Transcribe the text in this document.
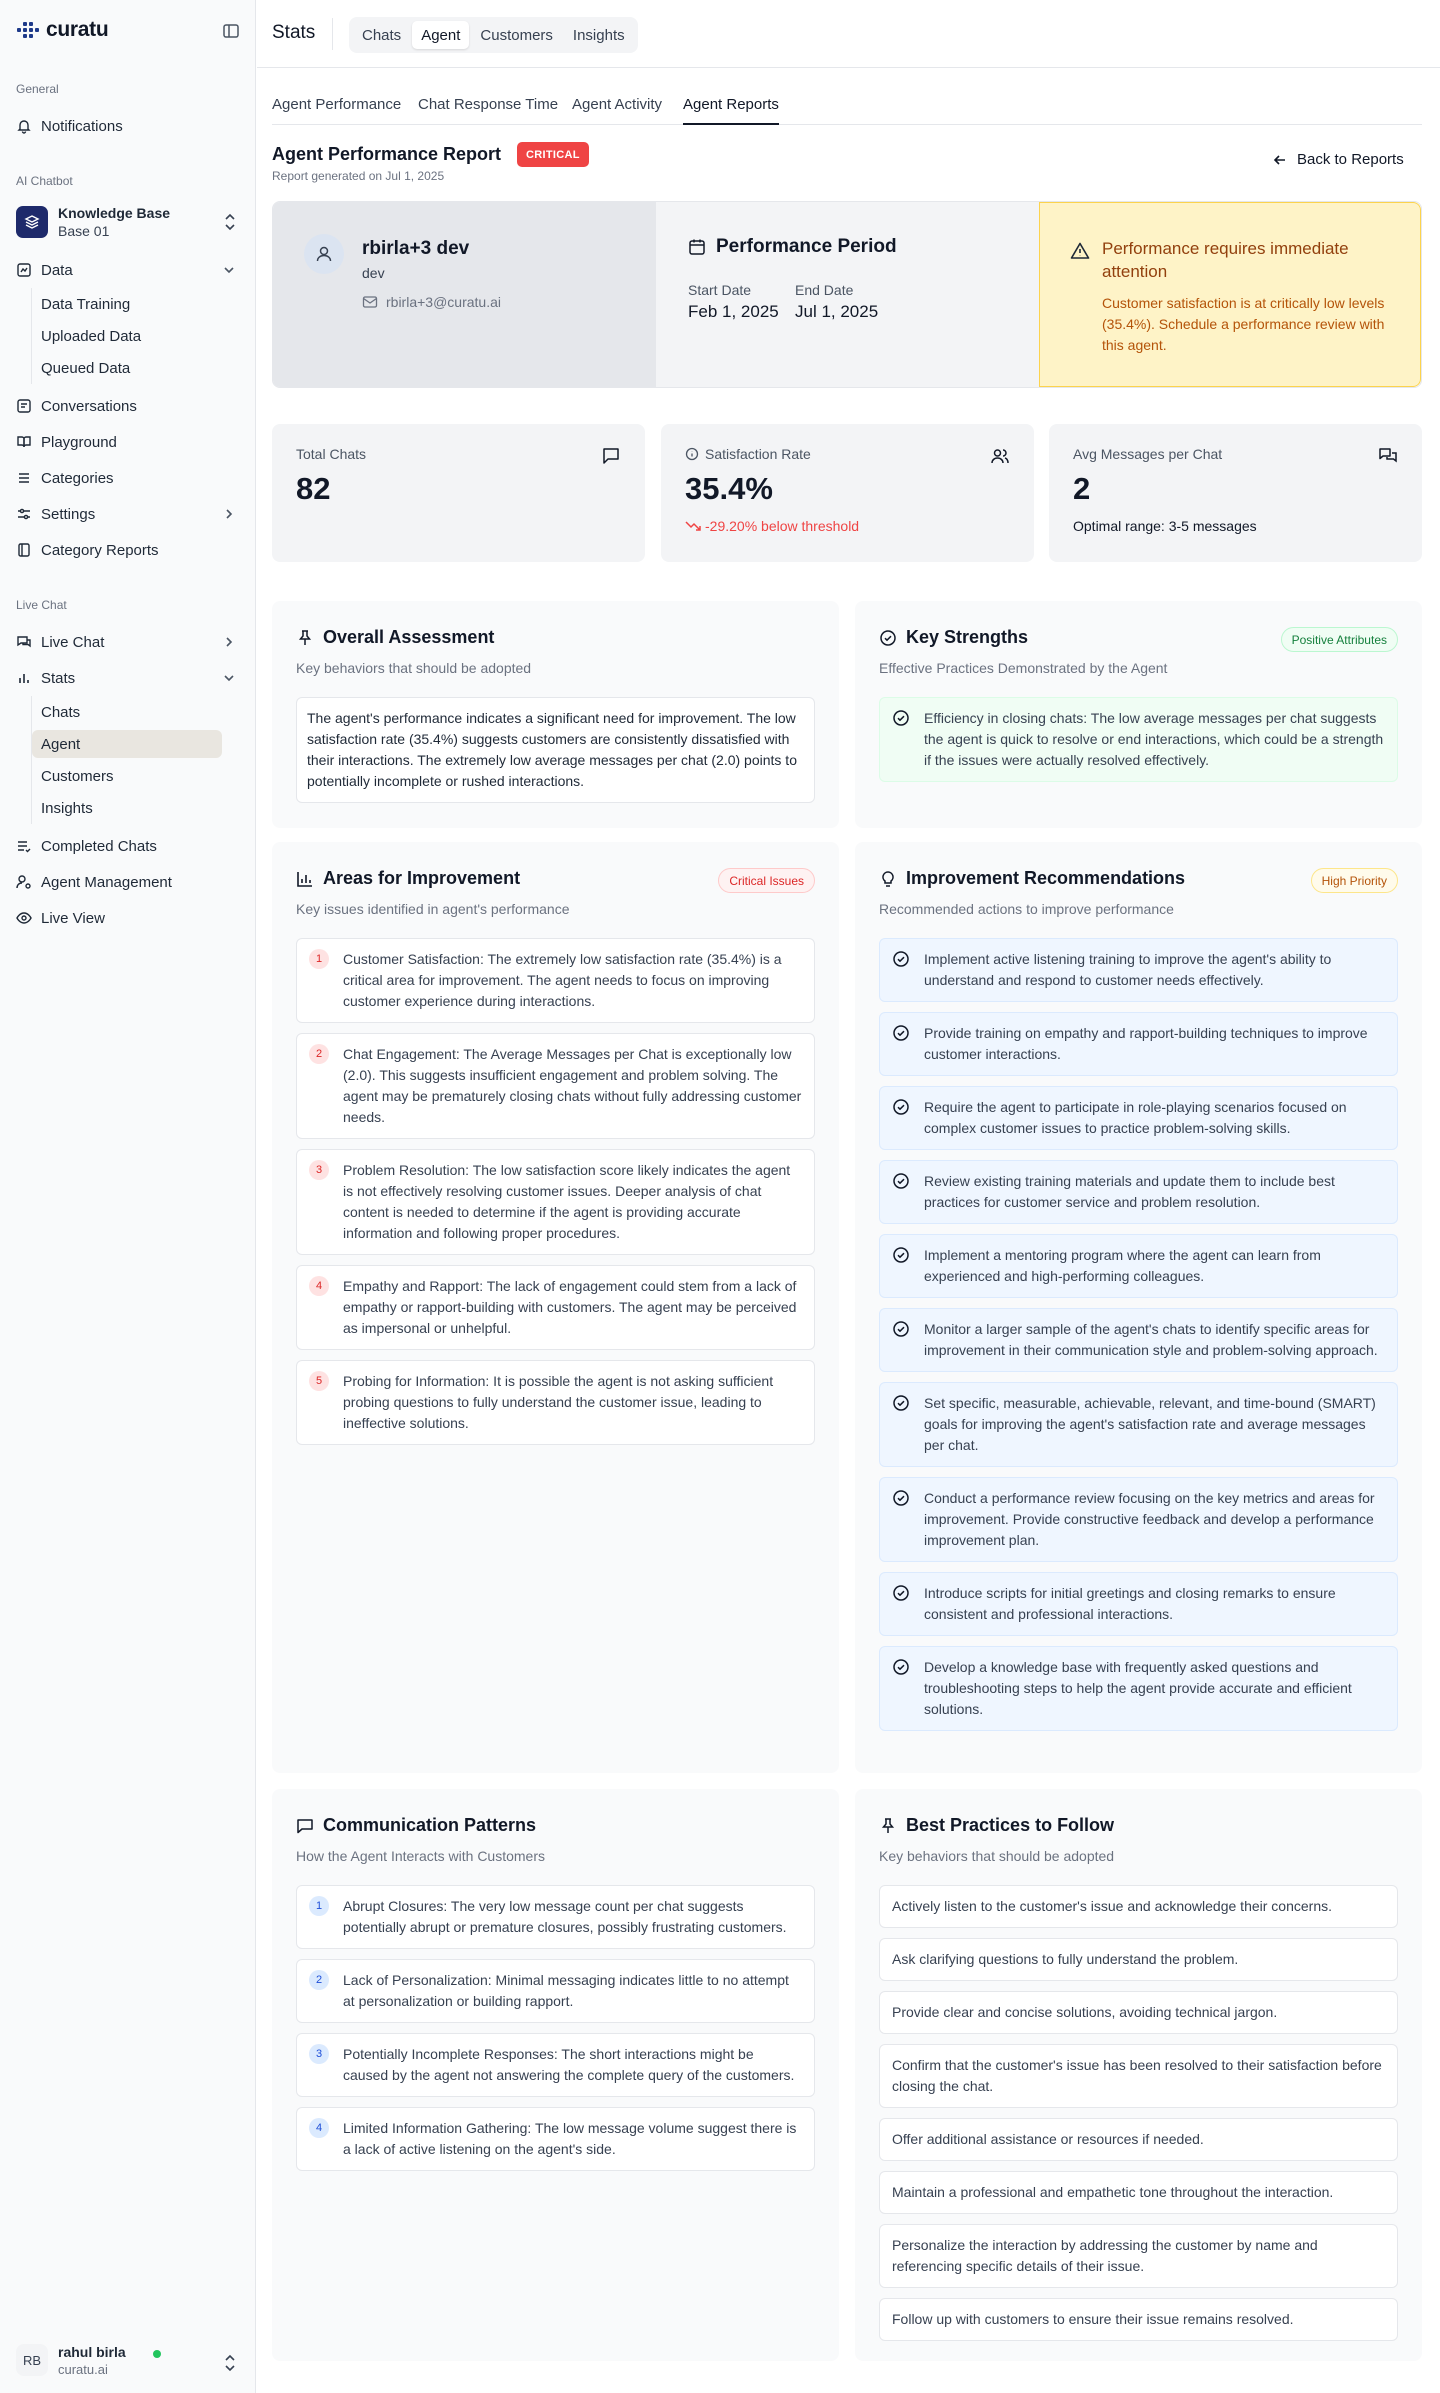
curatu
General
Notifications
AI Chatbot
Knowledge Base
Base 01
Data
Data Training
Uploaded Data
Queued Data
Conversations
Playground
Categories
Settings
Category Reports
Live Chat
Live Chat
Stats
Chats
Agent
Customers
Insights
Completed Chats
Agent Management
Live View
RB
rahul birla
curatu.ai
Stats	Chats	Agent	Customers	Insights
Agent Performance Chat Response Time Agent Activity Agent Reports
Agent Performance Report	CRITICAL
Report generated on Jul 1, 2025
Back to Reports
rbirla+3 dev
dev
rbirla+3@curatu.ai
Performance Period
Start Date
Feb 1, 2025
End Date
Jul 1, 2025
Performance requires immediate attention
Customer satisfaction is at critically low levels (35.4%). Schedule a performance review with this agent.
Total Chats
82
Satisfaction Rate
35.4%
-29.20% below threshold
Avg Messages per Chat
2
Optimal range: 3-5 messages
Overall Assessment
Key behaviors that should be adopted
The agent's performance indicates a significant need for improvement. The low satisfaction rate (35.4%) suggests customers are consistently dissatisfied with their interactions. The extremely low average messages per chat (2.0) points to potentially incomplete or rushed interactions.
Key Strengths	Positive Attributes
Effective Practices Demonstrated by the Agent
Efficiency in closing chats: The low average messages per chat suggests the agent is quick to resolve or end interactions, which could be a strength if the issues were actually resolved effectively.
Areas for Improvement	Critical Issues
Key issues identified in agent's performance
1	Customer Satisfaction: The extremely low satisfaction rate (35.4%) is a critical area for improvement. The agent needs to focus on improving customer experience during interactions.
2	Chat Engagement: The Average Messages per Chat is exceptionally low (2.0). This suggests insufficient engagement and problem solving. The agent may be prematurely closing chats without fully addressing customer needs.
3	Problem Resolution: The low satisfaction score likely indicates the agent is not effectively resolving customer issues. Deeper analysis of chat content is needed to determine if the agent is providing accurate information and following proper procedures.
4	Empathy and Rapport: The lack of engagement could stem from a lack of empathy or rapport-building with customers. The agent may be perceived as impersonal or unhelpful.
5	Probing for Information: It is possible the agent is not asking sufficient probing questions to fully understand the customer issue, leading to ineffective solutions.
Improvement Recommendations	High Priority
Recommended actions to improve performance
Implement active listening training to improve the agent's ability to understand and respond to customer needs effectively.
Provide training on empathy and rapport-building techniques to improve customer interactions.
Require the agent to participate in role-playing scenarios focused on complex customer issues to practice problem-solving skills.
Review existing training materials and update them to include best practices for customer service and problem resolution.
Implement a mentoring program where the agent can learn from experienced and high-performing colleagues.
Monitor a larger sample of the agent's chats to identify specific areas for improvement in their communication style and problem-solving approach.
Set specific, measurable, achievable, relevant, and time-bound (SMART) goals for improving the agent's satisfaction rate and average messages per chat.
Conduct a performance review focusing on the key metrics and areas for improvement. Provide constructive feedback and develop a performance improvement plan.
Introduce scripts for initial greetings and closing remarks to ensure consistent and professional interactions.
Develop a knowledge base with frequently asked questions and troubleshooting steps to help the agent provide accurate and efficient solutions.
Communication Patterns
How the Agent Interacts with Customers
1	Abrupt Closures: The very low message count per chat suggests potentially abrupt or premature closures, possibly frustrating customers.
2	Lack of Personalization: Minimal messaging indicates little to no attempt at personalization or building rapport.
3	Potentially Incomplete Responses: The short interactions might be caused by the agent not answering the complete query of the customers.
4	Limited Information Gathering: The low message volume suggest there is a lack of active listening on the agent's side.
Best Practices to Follow
Key behaviors that should be adopted
Actively listen to the customer's issue and acknowledge their concerns.
Ask clarifying questions to fully understand the problem.
Provide clear and concise solutions, avoiding technical jargon.
Confirm that the customer's issue has been resolved to their satisfaction before closing the chat.
Offer additional assistance or resources if needed.
Maintain a professional and empathetic tone throughout the interaction.
Personalize the interaction by addressing the customer by name and referencing specific details of their issue.
Follow up with customers to ensure their issue remains resolved.
